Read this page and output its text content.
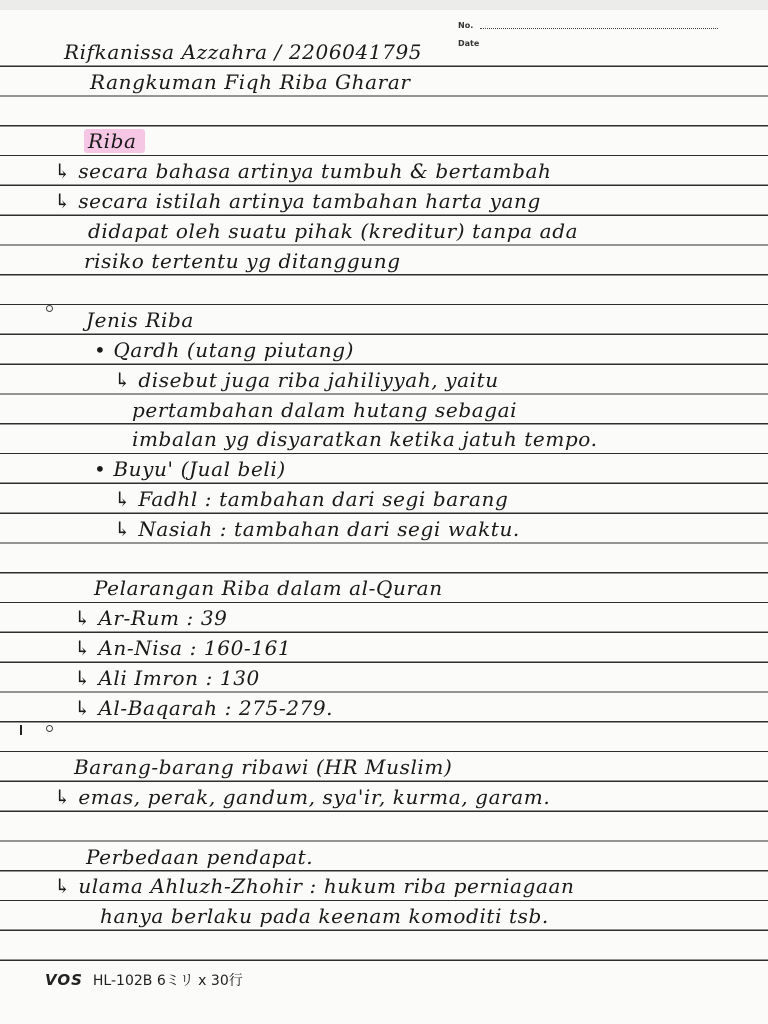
No.
Date
Rifkanissa Azzahra / 2206041795
Rangkuman Fiqh Riba Gharar
Riba
↳ secara bahasa artinya tumbuh & bertambah
↳ secara istilah artinya tambahan harta yang
didapat oleh suatu pihak (kreditur) tanpa ada
risiko tertentu yg ditanggung
Jenis Riba
• Qardh (utang piutang)
↳ disebut juga riba jahiliyyah, yaitu
pertambahan dalam hutang sebagai
imbalan yg disyaratkan ketika jatuh tempo.
• Buyu' (Jual beli)
↳ Fadhl : tambahan dari segi barang
↳ Nasiah : tambahan dari segi waktu.
Pelarangan Riba dalam al-Quran
↳ Ar-Rum : 39
↳ An-Nisa : 160-161
↳ Ali Imron : 130
↳ Al-Baqarah : 275-279.
Barang-barang ribawi (HR Muslim)
↳ emas, perak, gandum, sya'ir, kurma, garam.
Perbedaan pendapat.
↳ ulama Ahluzh-Zhohir : hukum riba perniagaan
hanya berlaku pada keenam komoditi tsb.
VOS HL-102B 6ミリ x 30行
